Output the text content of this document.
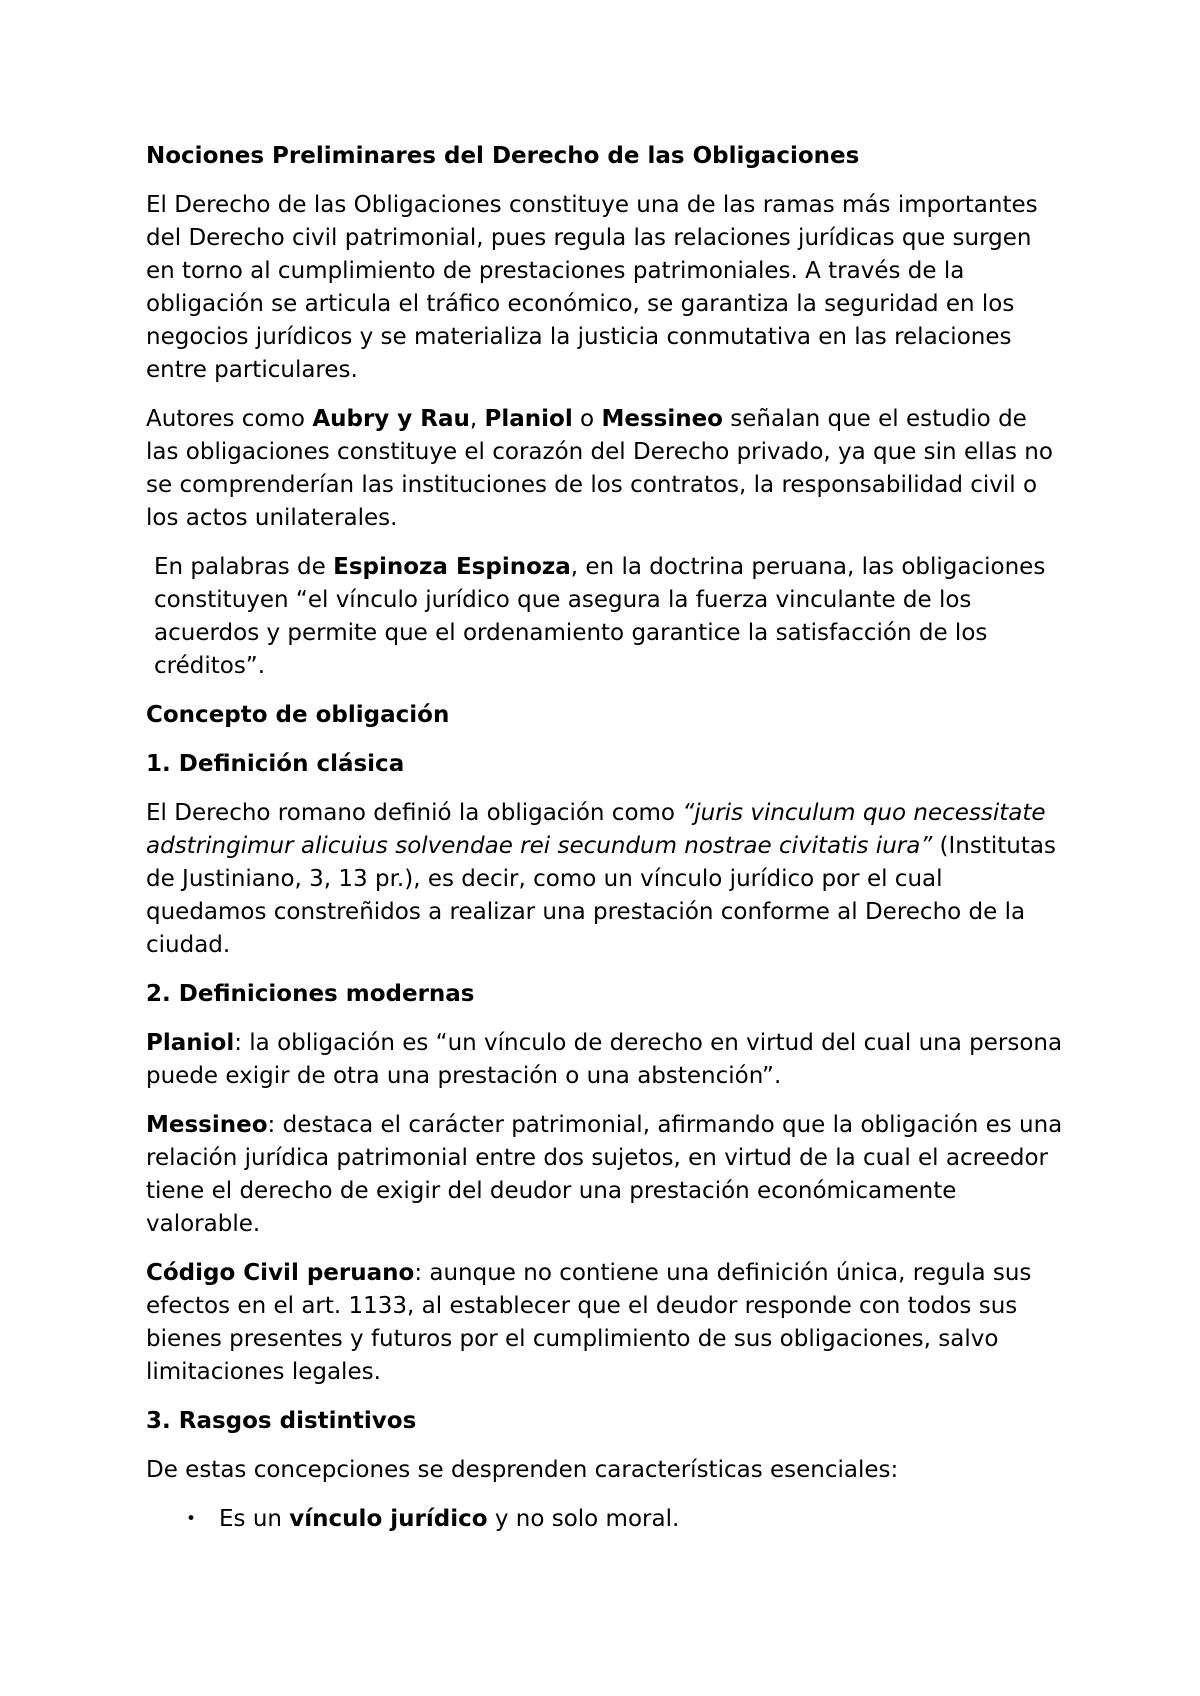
Nociones Preliminares del Derecho de las Obligaciones

El Derecho de las Obligaciones constituye una de las ramas más importantes del Derecho civil patrimonial, pues regula las relaciones jurídicas que surgen en torno al cumplimiento de prestaciones patrimoniales. A través de la obligación se articula el tráfico económico, se garantiza la seguridad en los negocios jurídicos y se materializa la justicia conmutativa en las relaciones entre particulares.

Autores como Aubry y Rau, Planiol o Messineo señalan que el estudio de las obligaciones constituye el corazón del Derecho privado, ya que sin ellas no se comprenderían las instituciones de los contratos, la responsabilidad civil o los actos unilaterales.

En palabras de Espinoza Espinoza, en la doctrina peruana, las obligaciones constituyen “el vínculo jurídico que asegura la fuerza vinculante de los acuerdos y permite que el ordenamiento garantice la satisfacción de los créditos”.

Concepto de obligación

1. Definición clásica

El Derecho romano definió la obligación como “juris vinculum quo necessitate adstringimur alicuius solvendae rei secundum nostrae civitatis iura” (Institutas de Justiniano, 3, 13 pr.), es decir, como un vínculo jurídico por el cual quedamos constreñidos a realizar una prestación conforme al Derecho de la ciudad.

2. Definiciones modernas

Planiol: la obligación es “un vínculo de derecho en virtud del cual una persona puede exigir de otra una prestación o una abstención”.

Messineo: destaca el carácter patrimonial, afirmando que la obligación es una relación jurídica patrimonial entre dos sujetos, en virtud de la cual el acreedor tiene el derecho de exigir del deudor una prestación económicamente valorable.

Código Civil peruano: aunque no contiene una definición única, regula sus efectos en el art. 1133, al establecer que el deudor responde con todos sus bienes presentes y futuros por el cumplimiento de sus obligaciones, salvo limitaciones legales.

3. Rasgos distintivos

De estas concepciones se desprenden características esenciales:

• Es un vínculo jurídico y no solo moral.
